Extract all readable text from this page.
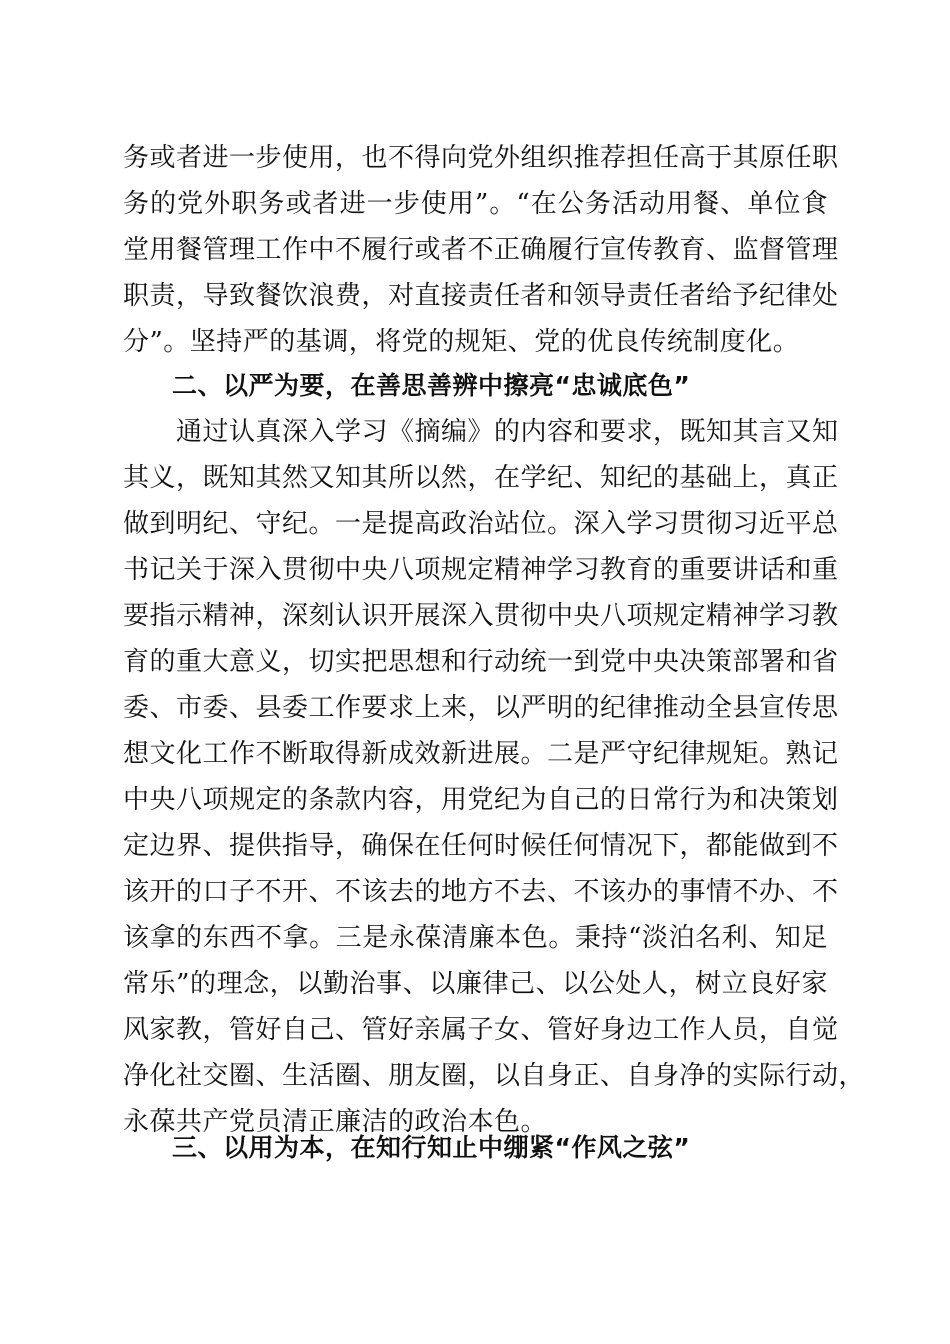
务或者进一步使用，也不得向党外组织推荐担任高于其原任职
务的党外职务或者进一步使用”。“在公务活动用餐、单位食
堂用餐管理工作中不履行或者不正确履行宣传教育、监督管理
职责，导致餐饮浪费，对直接责任者和领导责任者给予纪律处
分”。坚持严的基调，将党的规矩、党的优良传统制度化。
二、以严为要，在善思善辨中擦亮“忠诚底色”
　　通过认真深入学习《摘编》的内容和要求，既知其言又知
其义，既知其然又知其所以然，在学纪、知纪的基础上，真正
做到明纪、守纪。一是提高政治站位。深入学习贯彻习近平总
书记关于深入贯彻中央八项规定精神学习教育的重要讲话和重
要指示精神，深刻认识开展深入贯彻中央八项规定精神学习教
育的重大意义，切实把思想和行动统一到党中央决策部署和省
委、市委、县委工作要求上来，以严明的纪律推动全县宣传思
想文化工作不断取得新成效新进展。二是严守纪律规矩。熟记
中央八项规定的条款内容，用党纪为自己的日常行为和决策划
定边界、提供指导，确保在任何时候任何情况下，都能做到不
该开的口子不开、不该去的地方不去、不该办的事情不办、不
该拿的东西不拿。三是永葆清廉本色。秉持“淡泊名利、知足
常乐”的理念，以勤治事、以廉律己、以公处人，树立良好家
风家教，管好自己、管好亲属子女、管好身边工作人员，自觉
净化社交圈、生活圈、朋友圈，以自身正、自身净的实际行动，
永葆共产党员清正廉洁的政治本色。
三、以用为本，在知行知止中绷紧“作风之弦”
